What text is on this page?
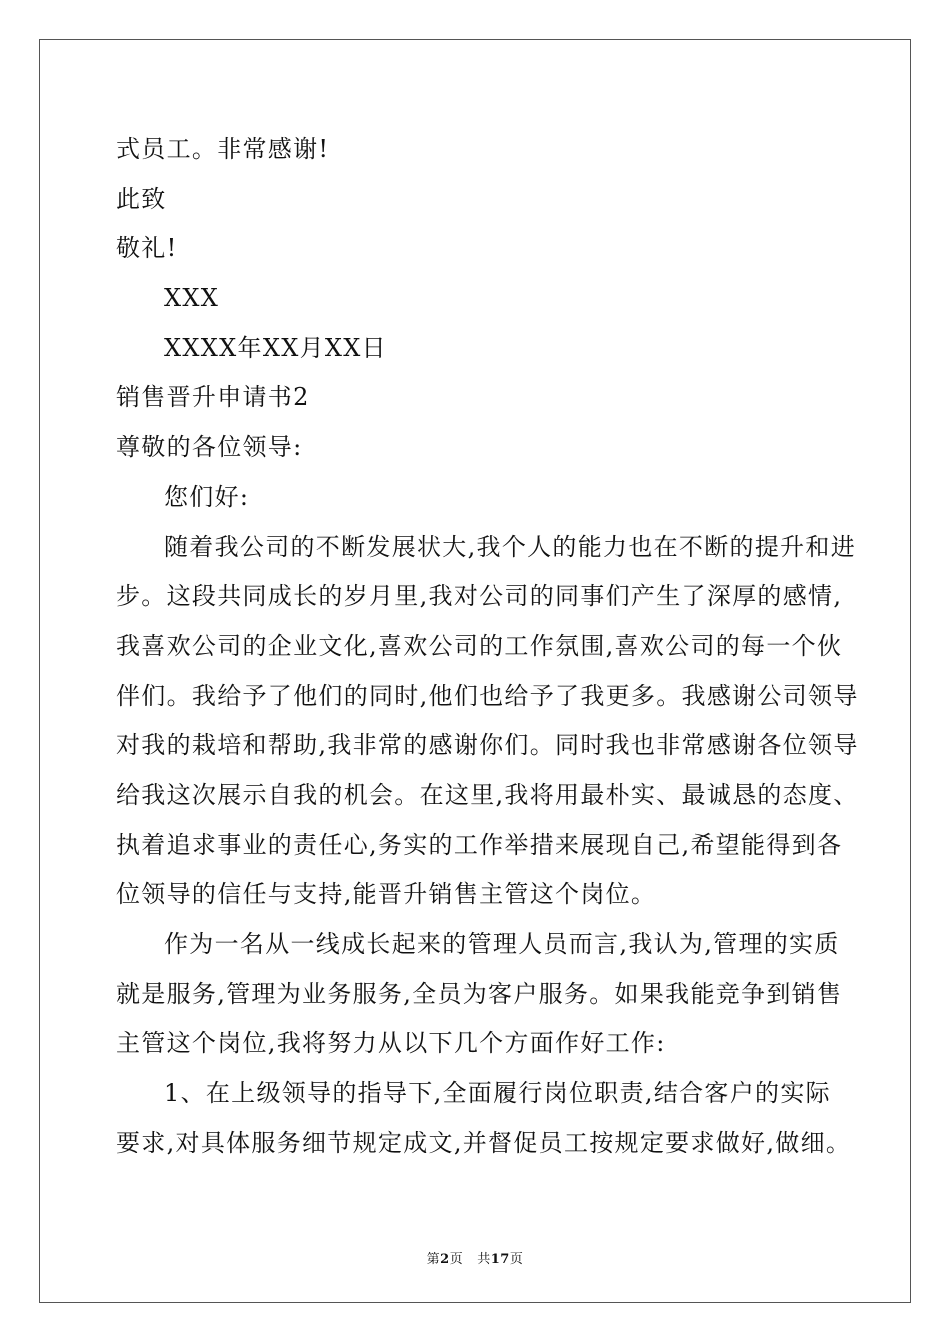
式员工。非常感谢!
此致
敬礼!
XXX
XXXX年XX月XX日
销售晋升申请书2
尊敬的各位领导:
您们好:
随着我公司的不断发展状大,我个人的能力也在不断的提升和进
步。这段共同成长的岁月里,我对公司的同事们产生了深厚的感情,
我喜欢公司的企业文化,喜欢公司的工作氛围,喜欢公司的每一个伙
伴们。我给予了他们的同时,他们也给予了我更多。我感谢公司领导
对我的栽培和帮助,我非常的感谢你们。同时我也非常感谢各位领导
给我这次展示自我的机会。在这里,我将用最朴实、最诚恳的态度、
执着追求事业的责任心,务实的工作举措来展现自己,希望能得到各
位领导的信任与支持,能晋升销售主管这个岗位。
作为一名从一线成长起来的管理人员而言,我认为,管理的实质
就是服务,管理为业务服务,全员为客户服务。如果我能竞争到销售
主管这个岗位,我将努力从以下几个方面作好工作:
1、在上级领导的指导下,全面履行岗位职责,结合客户的实际
要求,对具体服务细节规定成文,并督促员工按规定要求做好,做细。
第2页 共17页
